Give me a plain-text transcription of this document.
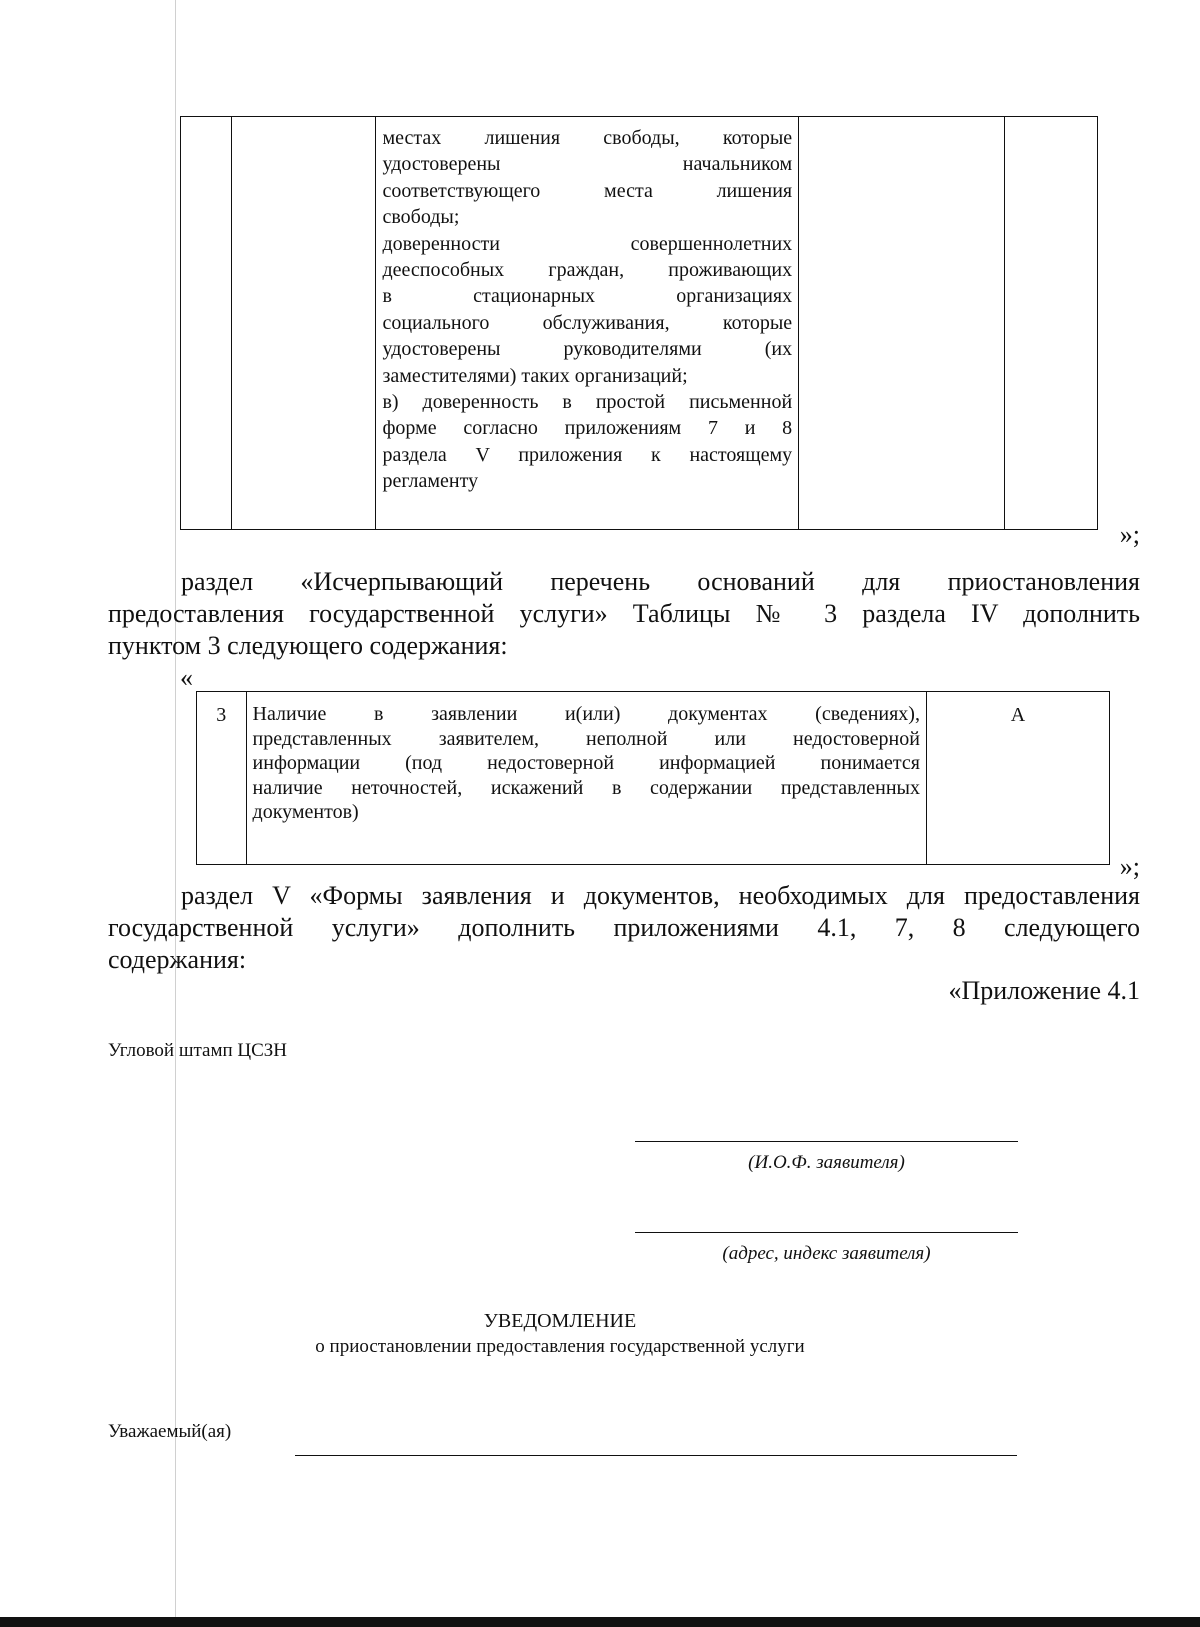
местах лишения свободы, которые
удостоверены начальником
соответствующего места лишения
свободы;
доверенности совершеннолетних
дееспособных граждан, проживающих
в стационарных организациях
социального обслуживания, которые
удостоверены руководителями (их
заместителями) таких организаций;
в) доверенность в простой письменной
форме согласно приложениям 7 и 8
раздела V приложения к настоящему
регламенту

»;
раздел «Исчерпывающий перечень оснований для приостановления
предоставления государственной услуги» Таблицы № 3 раздела IV дополнить
пунктом 3 следующего содержания:
«
3	Наличие в заявлении и(или) документах (сведениях),
представленных заявителем, неполной или недостоверной
информации (под недостоверной информацией понимается
наличие неточностей, искажений в содержании представленных
документов)
	А
»;
раздел V «Формы заявления и документов, необходимых для предоставления
государственной услуги» дополнить приложениями 4.1, 7, 8 следующего
содержания:
«Приложение 4.1
Угловой штамп ЦСЗН
(И.О.Ф. заявителя)
(адрес, индекс заявителя)
УВЕДОМЛЕНИЕ
о приостановлении предоставления государственной услуги
Уважаемый(ая)
